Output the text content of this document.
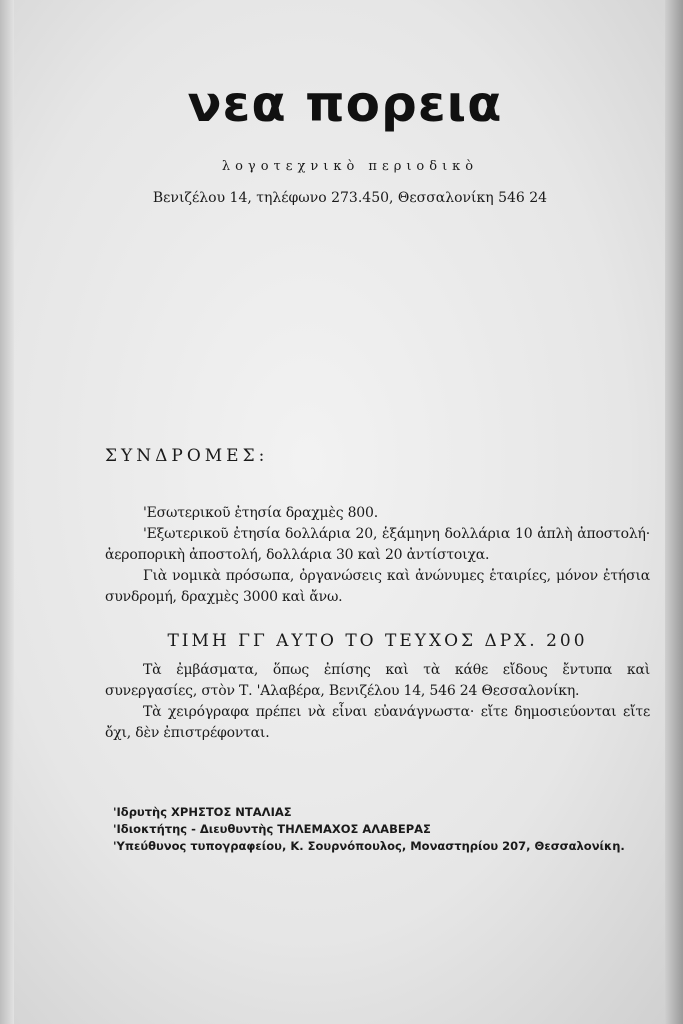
νεα πορεια
λογοτεχνικὸ περιοδικὸ
Βενιζέλου 14, τηλέφωνο 273.450, Θεσσαλονίκη 546 24
ΣΥΝΔΡΟΜΕΣ:

'Εσωτερικοῦ ἐτησία δραχμὲς 800.

'Εξωτερικοῦ ἐτησία δολλάρια 20, ἑξάμηνη δολλάρια 10 ἁπλὴ ἀποστολή· ἀεροπορικὴ ἀποστολή, δολλάρια 30 καὶ 20 ἀντίστοιχα.

Γιὰ νομικὰ πρόσωπα, ὀργανώσεις καὶ ἀνώνυμες ἑταιρίες, μόνον ἐτήσια συνδρομή, δραχμὲς 3000 καὶ ἄνω.

ΤΙΜΗ ΓΓ ΑΥΤΟ ΤΟ ΤΕΥΧΟΣ ΔΡΧ. 200

Τὰ ἐμβάσματα, ὅπως ἐπίσης καὶ τὰ κάθε εἴδους ἔντυπα καὶ συνεργασίες, στὸν Τ. 'Αλαβέρα, Βενιζέλου 14, 546 24 Θεσσαλονίκη.

Τὰ χειρόγραφα πρέπει νὰ εἶναι εὐανάγνωστα· εἴτε δημοσιεύονται εἴτε ὄχι, δὲν ἐπιστρέφονται.

'Ιδρυτὴς ΧΡΗΣΤΟΣ ΝΤΑΛΙΑΣ
'Ιδιοκτήτης - Διευθυντὴς ΤΗΛΕΜΑΧΟΣ ΑΛΑΒΕΡΑΣ
'Υπεύθυνος τυπογραφείου, Κ. Σουρνόπουλος, Μοναστηρίου 207, Θεσσαλονίκη.
